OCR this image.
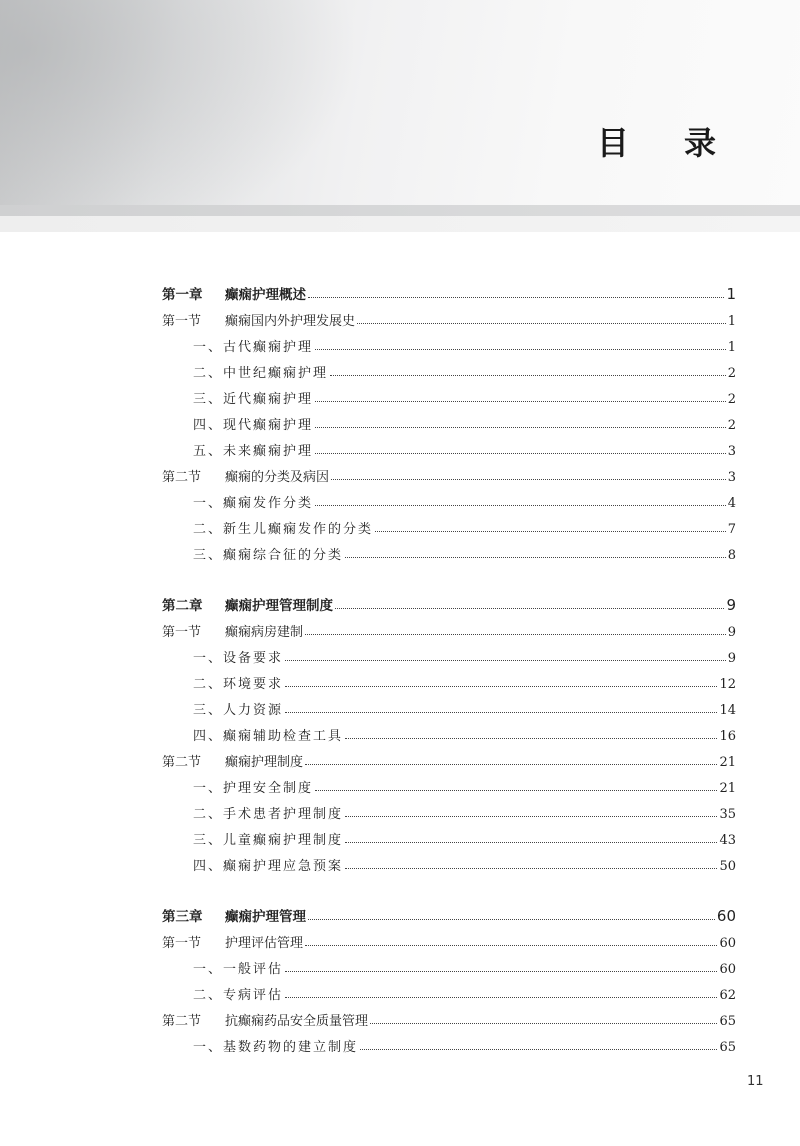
目 录
第一章	癫痫护理概述	1
第一节	癫痫国内外护理发展史	1
一、古代癫痫护理	1
二、中世纪癫痫护理	2
三、近代癫痫护理	2
四、现代癫痫护理	2
五、未来癫痫护理	3
第二节	癫痫的分类及病因	3
一、癫痫发作分类	4
二、新生儿癫痫发作的分类	7
三、癫痫综合征的分类	8
第二章	癫痫护理管理制度	9
第一节	癫痫病房建制	9
一、设备要求	9
二、环境要求	12
三、人力资源	14
四、癫痫辅助检查工具	16
第二节	癫痫护理制度	21
一、护理安全制度	21
二、手术患者护理制度	35
三、儿童癫痫护理制度	43
四、癫痫护理应急预案	50
第三章	癫痫护理管理	60
第一节	护理评估管理	60
一、一般评估	60
二、专病评估	62
第二节	抗癫痫药品安全质量管理	65
一、基数药物的建立制度	65
11
